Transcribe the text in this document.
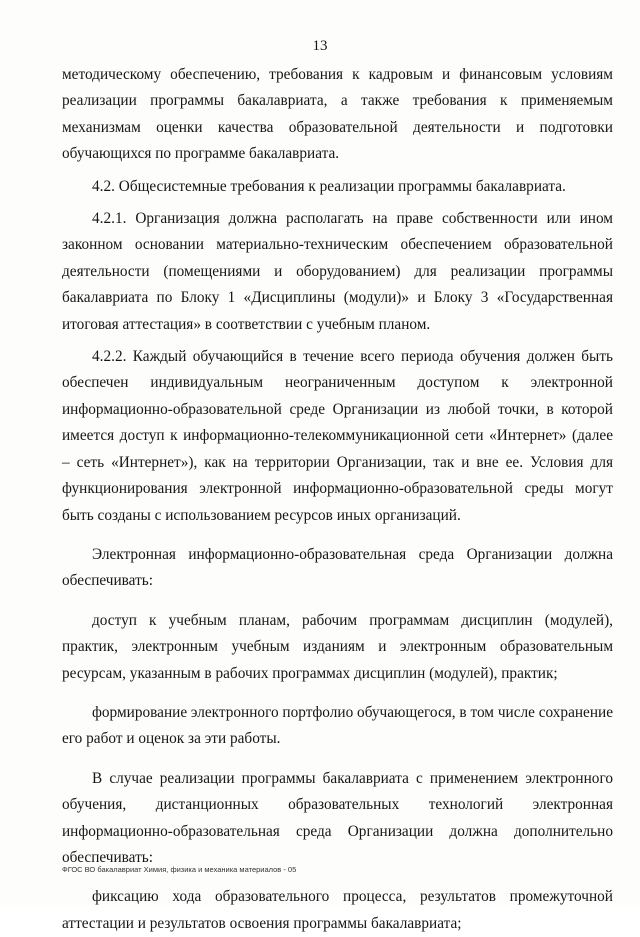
13

методическому обеспечению, требования к кадровым и финансовым условиям реализации программы бакалавриата, а также требования к применяемым механизмам оценки качества образовательной деятельности и подготовки обучающихся по программе бакалавриата.

4.2. Общесистемные требования к реализации программы бакалавриата.

4.2.1. Организация должна располагать на праве собственности или ином законном основании материально-техническим обеспечением образовательной деятельности (помещениями и оборудованием) для реализации программы бакалавриата по Блоку 1 «Дисциплины (модули)» и Блоку 3 «Государственная итоговая аттестация» в соответствии с учебным планом.

4.2.2. Каждый обучающийся в течение всего периода обучения должен быть обеспечен индивидуальным неограниченным доступом к электронной информационно-образовательной среде Организации из любой точки, в которой имеется доступ к информационно-телекоммуникационной сети «Интернет» (далее – сеть «Интернет»), как на территории Организации, так и вне ее. Условия для функционирования электронной информационно-образовательной среды могут быть созданы с использованием ресурсов иных организаций.

Электронная информационно-образовательная среда Организации должна обеспечивать:

доступ к учебным планам, рабочим программам дисциплин (модулей), практик, электронным учебным изданиям и электронным образовательным ресурсам, указанным в рабочих программах дисциплин (модулей), практик;

формирование электронного портфолио обучающегося, в том числе сохранение его работ и оценок за эти работы.

В случае реализации программы бакалавриата с применением электронного обучения, дистанционных образовательных технологий электронная информационно-образовательная среда Организации должна дополнительно обеспечивать:

фиксацию хода образовательного процесса, результатов промежуточной аттестации и результатов освоения программы бакалавриата;

ФГОС ВО бакалавриат Химия, физика и механика материалов - 05
